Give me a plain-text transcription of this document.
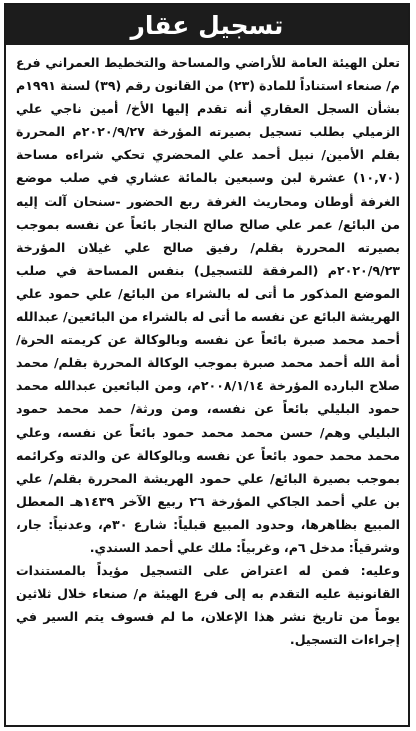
تسجيل عقار

تعلن الهيئة العامة للأراضي والمساحة والتخطيط العمراني فرع م/ صنعاء استناداً للمادة (٢٣) من القانون رقم (٣٩) لسنة ١٩٩١م بشأن السجل العقاري أنه تقدم إليها الأخ/ أمين ناجي علي الزميلي بطلب تسجيل بصيرته المؤرخة ٢٠٢٠/٩/٢٧م المحررة بقلم الأمين/ نبيل أحمد علي المحضري تحكي شراءه مساحة (١٠,٧٠) عشرة لبن وسبعين بالمائة عشاري في صلب موضع الغرفة أوطان ومحاريث الغرفة ربع الحضور -سنحان آلت إليه من البائع/ عمر علي صالح صالح النجار بائعاً عن نفسه بموجب بصيرته المحررة بقلم/ رفيق صالح علي غيلان المؤرخة ٢٠٢٠/٩/٢٣م (المرفقة للتسجيل) بنفس المساحة في صلب الموضع المذكور ما أتى له بالشراء من البائع/ علي حمود علي الهريشة البائع عن نفسه ما أتى له بالشراء من البائعين/ عبدالله أحمد محمد صبرة بائعاً عن نفسه وبالوكالة عن كريمته الحرة/ أمة الله أحمد محمد صبرة بموجب الوكالة المحررة بقلم/ محمد صلاح البارده المؤرخة ٢٠٠٨/١/١٤م، ومن البائعين عبدالله محمد حمود البليلي بائعاً عن نفسه، ومن ورثة/ حمد محمد حمود البليلي وهم/ حسن محمد محمد حمود بائعاً عن نفسه، وعلي محمد محمد حمود بائعاً عن نفسه وبالوكالة عن والدته وكرائمه بموجب بصيرة البائع/ علي حمود الهريشة المحررة بقلم/ علي بن علي أحمد الجاكي المؤرخة ٢٦ ربيع الآخر ١٤٣٩هـ المعطل المبيع بظاهرها، وحدود المبيع قبلياً: شارع ٣٠م، وعدنياً: جار، وشرقياً: مدخل ٦م، وغربياً: ملك علي أحمد السندي.

وعليه: فمن له اعتراض على التسجيل مؤيداً بالمستندات القانونية عليه التقدم به إلى فرع الهيئة م/ صنعاء خلال ثلاثين يوماً من تاريخ نشر هذا الإعلان، ما لم فسوف يتم السير في إجراءات التسجيل.
